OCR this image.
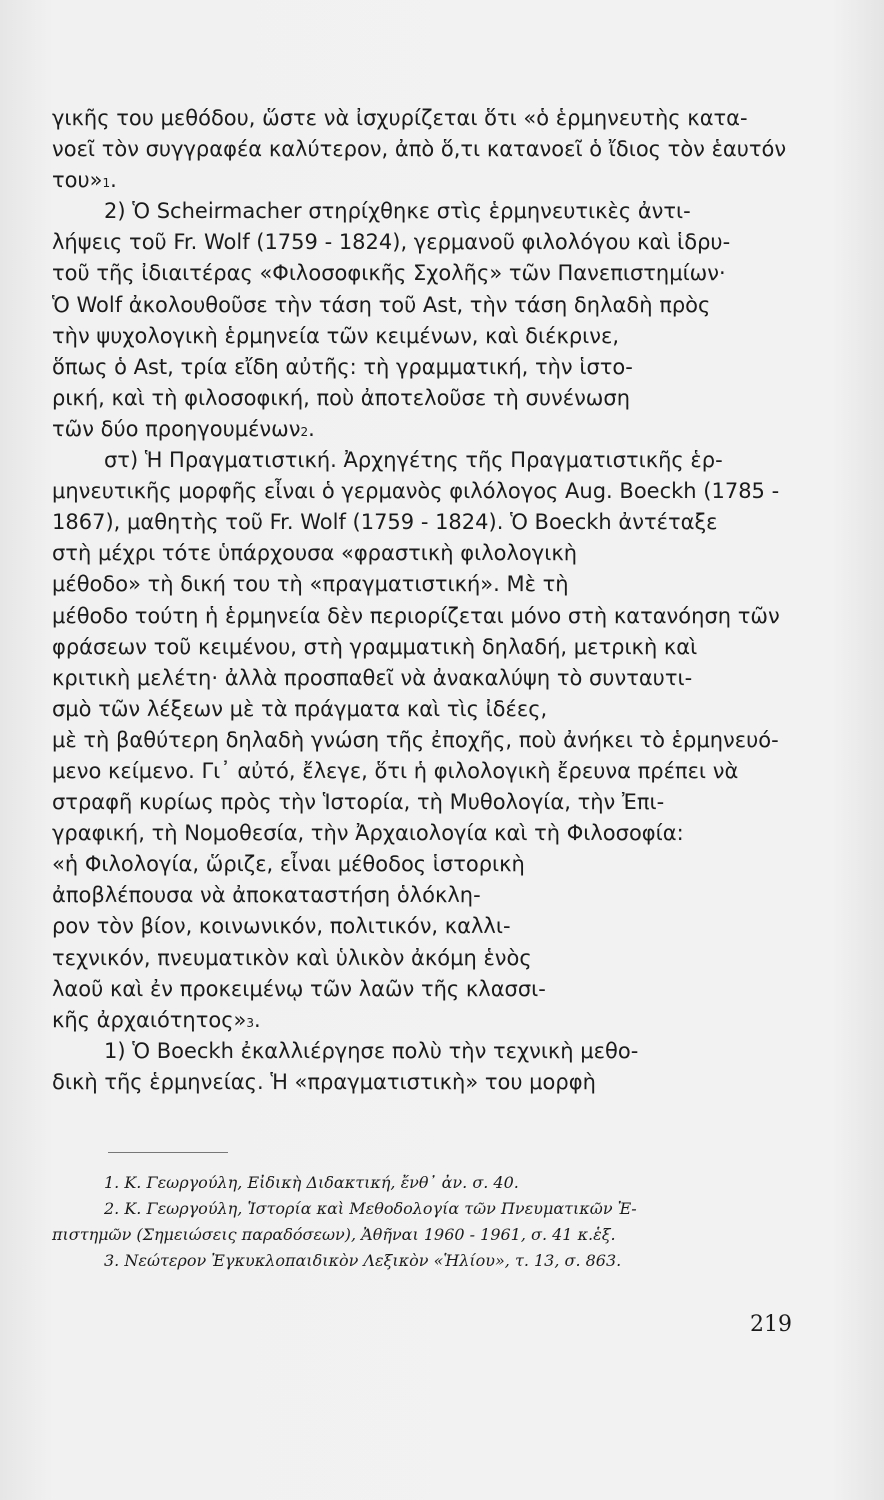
γικῆς του μεθόδου, ὥστε νὰ ἰσχυρίζεται ὅτι «ὁ ἑρμηνευτὴς κατα-
νοεῖ τὸν συγγραφέα καλύτερον, ἀπὸ ὅ,τι κατανοεῖ ὁ ἴδιος τὸν ἑαυτόν
του» 1 .
2) Ὁ Scheirmacher στηρίχθηκε στὶς ἑρμηνευτικὲς ἀντι-
λήψεις τοῦ Fr. Wolf (1759 - 1824), γερμανοῦ φιλολόγου καὶ ἱδρυ-
τοῦ τῆς ἰδιαιτέρας «Φιλοσοφικῆς Σχολῆς» τῶν Πανεπιστημίων·
Ὁ Wolf ἀκολουθοῦσε τὴν τάση τοῦ Ast, τὴν τάση δηλαδὴ πρὸς
τὴν ψυχολογικὴ ἑρμηνεία τῶν κειμένων, καὶ διέκρινε,
ὅπως ὁ Ast, τρία εἴδη αὐτῆς: τὴ γραμματική, τὴν ἱστο-
ρική, καὶ τὴ φιλοσοφική, ποὺ ἀποτελοῦσε τὴ συνένωση
τῶν δύο προηγουμένων 2 .
στ) Ἡ Πραγματιστική. Ἀρχηγέτης τῆς Πραγματιστικῆς ἑρ-
μηνευτικῆς μορφῆς εἶναι ὁ γερμανὸς φιλόλογος Aug. Boeckh (1785 -
1867), μαθητὴς τοῦ Fr. Wolf (1759 - 1824). Ὁ Boeckh ἀντέταξε
στὴ μέχρι τότε ὑπάρχουσα «φραστικὴ φιλολογικὴ
μέθοδο» τὴ δική του τὴ «πραγματιστική». Μὲ τὴ
μέθοδο τούτη ἡ ἑρμηνεία δὲν περιορίζεται μόνο στὴ κατανόηση τῶν
φράσεων τοῦ κειμένου, στὴ γραμματικὴ δηλαδή, μετρικὴ καὶ
κριτικὴ μελέτη· ἀλλὰ προσπαθεῖ νὰ ἀνακαλύψη τὸ συνταυτι-
σμὸ τῶν λέξεων μὲ τὰ πράγματα καὶ τὶς ἰδέες,
μὲ τὴ βαθύτερη δηλαδὴ γνώση τῆς ἐποχῆς, ποὺ ἀνήκει τὸ ἑρμηνευό-
μενο κείμενο. Γι᾽ αὐτό, ἔλεγε, ὅτι ἡ φιλολογικὴ ἔρευνα πρέπει νὰ
στραφῆ κυρίως πρὸς τὴν Ἱστορία, τὴ Μυθολογία, τὴν Ἐπι-
γραφική, τὴ Νομοθεσία, τὴν Ἀρχαιολογία καὶ τὴ Φιλοσοφία:
«ἡ Φιλολογία, ὥριζε, εἶναι μέθοδος ἱστορικὴ
ἀποβλέπουσα νὰ ἀποκαταστήση ὁλόκλη-
ρον τὸν βίον, κοινωνικόν, πολιτικόν, καλλι-
τεχνικόν, πνευματικὸν καὶ ὑλικὸν ἀκόμη ἑνὸς
λαοῦ καὶ ἐν προκειμένῳ τῶν λαῶν τῆς κλασσι-
κῆς ἀρχαιότητος» 3 .
1) Ὁ Boeckh ἐκαλλιέργησε πολὺ τὴν τεχνικὴ μεθο-
δικὴ τῆς ἑρμηνείας. Ἡ «πραγματιστικὴ» του μορφὴ
1. Κ. Γεωργούλη, Εἰδικὴ Διδακτική, ἔνθ᾽ ἀν. σ. 40.
2. Κ. Γεωργούλη, Ἱστορία καὶ Μεθοδολογία τῶν Πνευματικῶν Ἐ-
πιστημῶν (Σημειώσεις παραδόσεων), Ἀθῆναι 1960 - 1961, σ. 41 κ.ἑξ.
3. Νεώτερον Ἐγκυκλοπαιδικὸν Λεξικὸν «Ἡλίου», τ. 13, σ. 863.
219
